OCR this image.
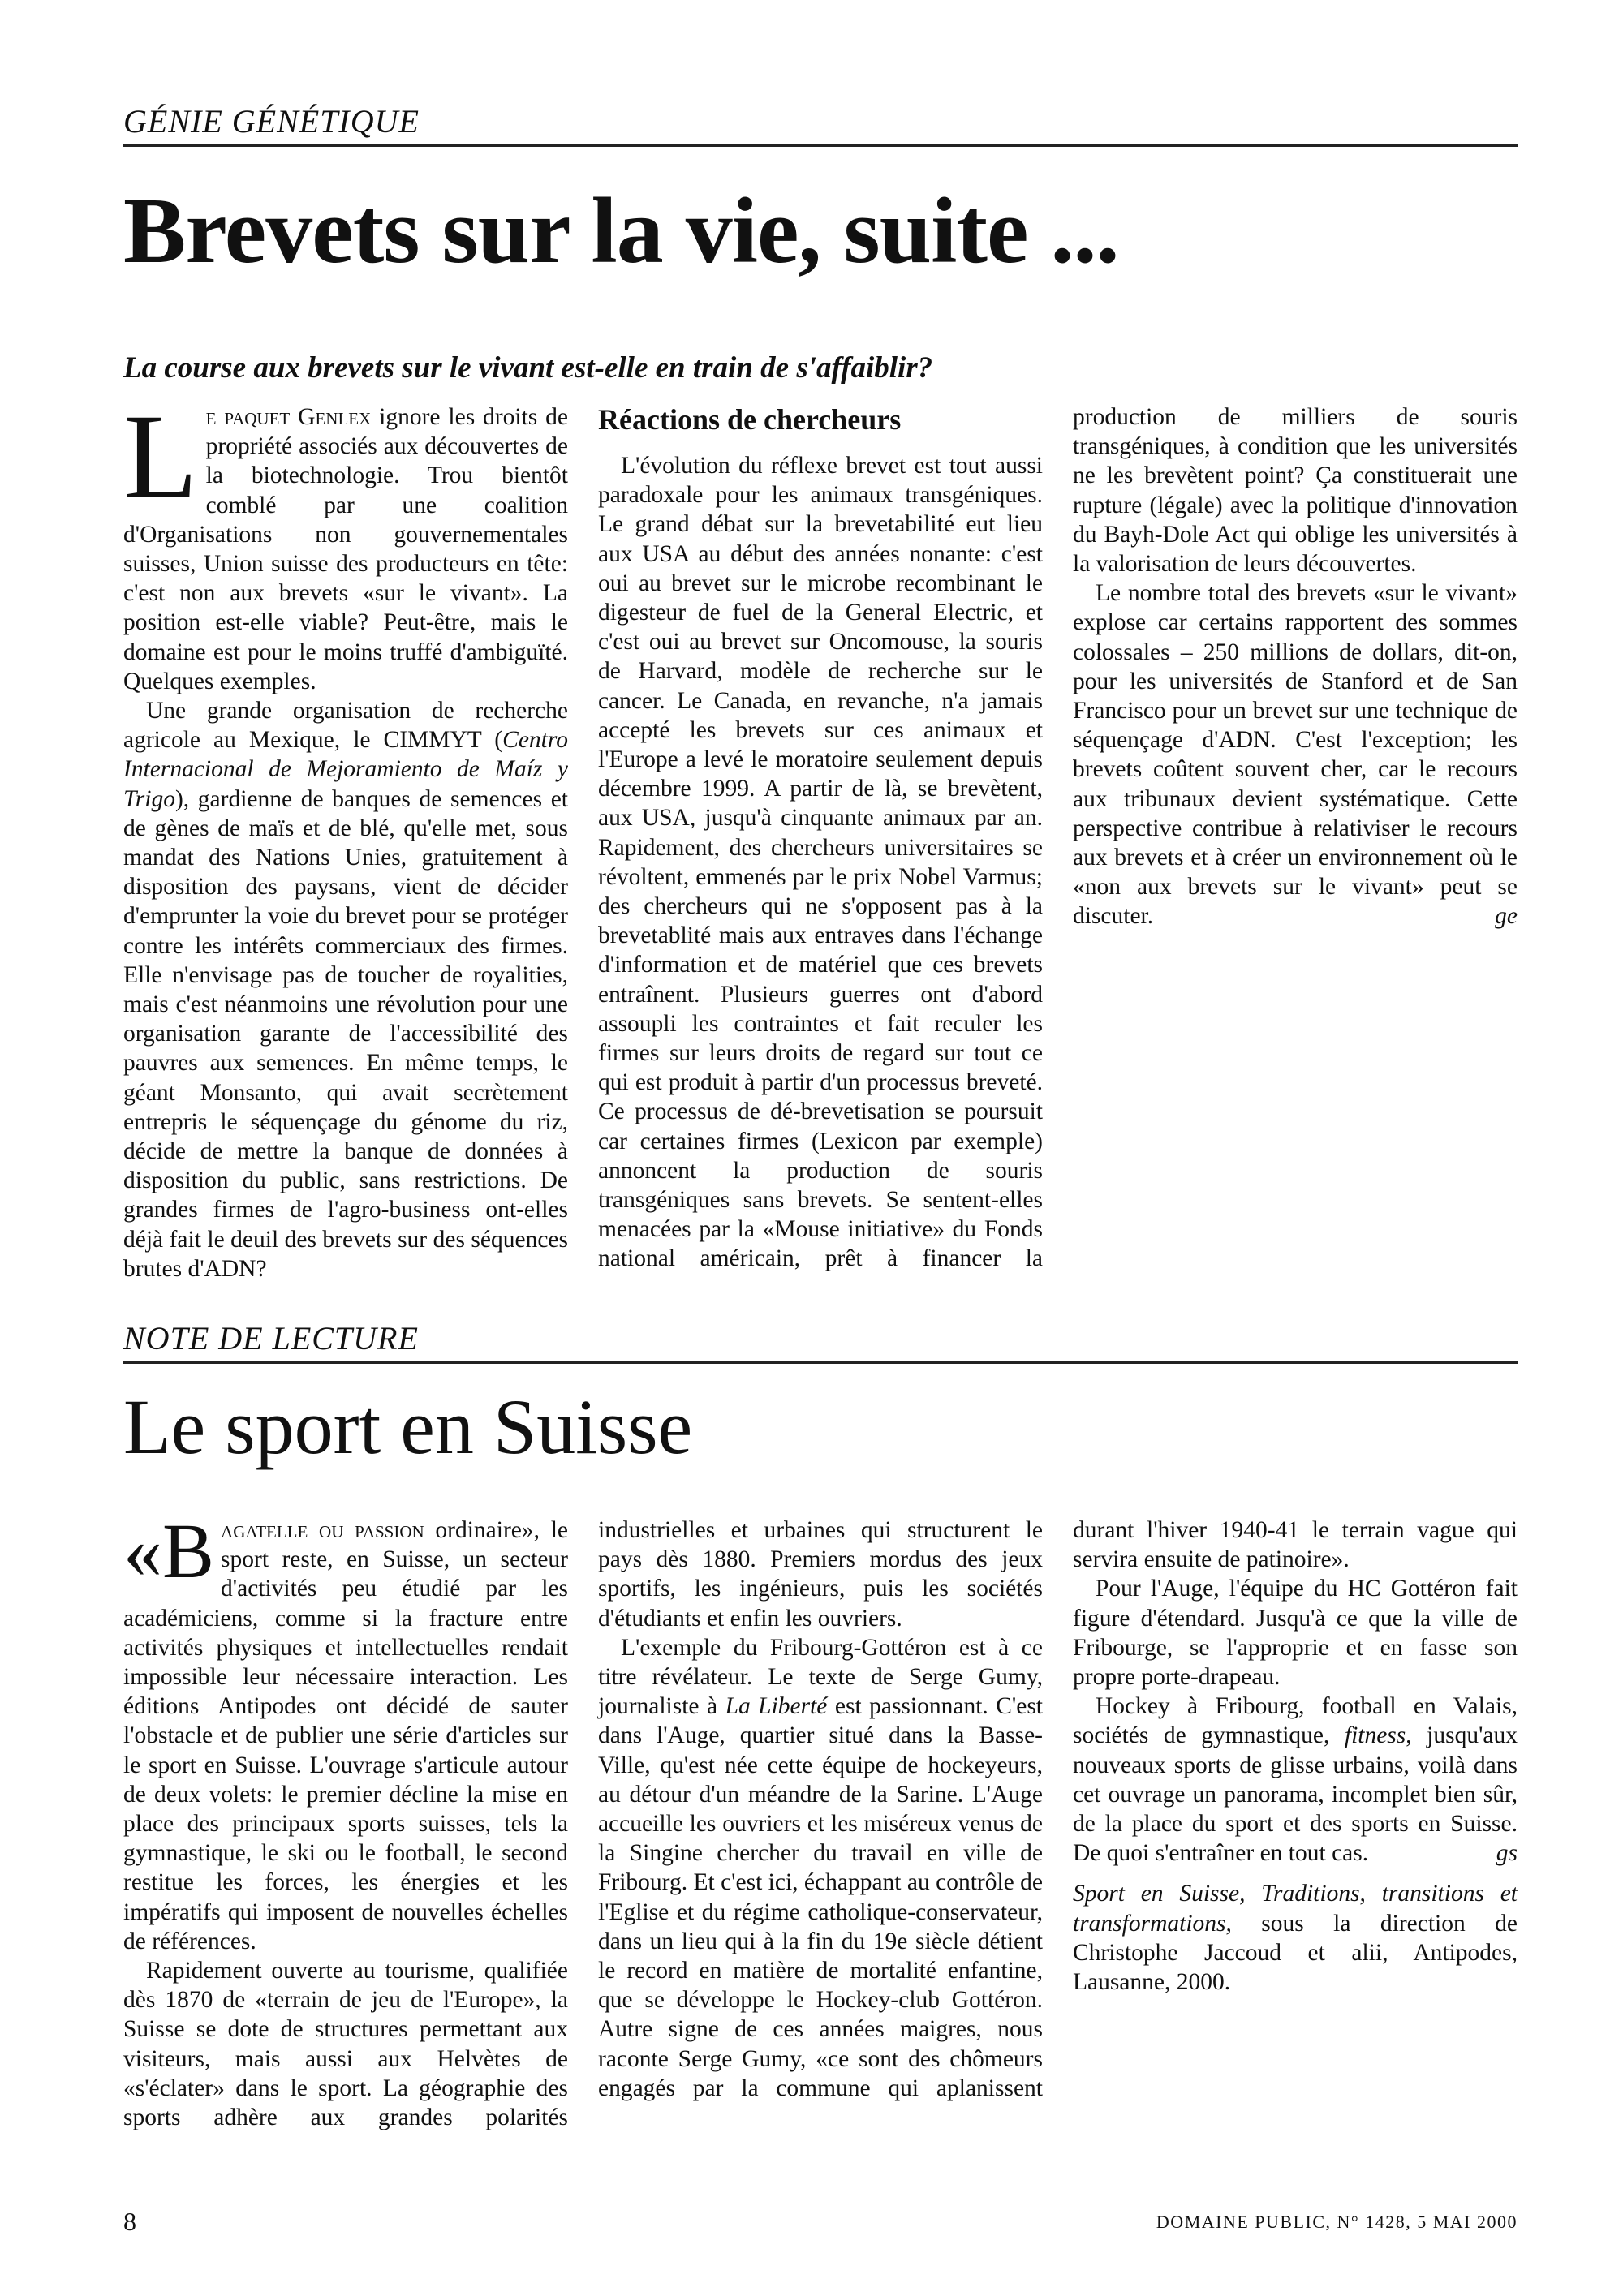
GÉNIE GÉNÉTIQUE
Brevets sur la vie, suite ...
La course aux brevets sur le vivant est-elle en train de s'affaiblir?

L e paquet Genlex ignore les droits de propriété associés aux découvertes de la biotechnologie. Trou bientôt comblé par une coalition d'Organisations non gouvernementales suisses, Union suisse des producteurs en tête: c'est non aux brevets «sur le vivant». La position est-elle viable? Peut-être, mais le domaine est pour le moins truffé d'ambiguïté. Quelques exemples.

Une grande organisation de recherche agricole au Mexique, le CIMMYT (Centro Internacional de Mejoramiento de Maíz y Trigo), gardienne de banques de semences et de gènes de maïs et de blé, qu'elle met, sous mandat des Nations Unies, gratuitement à disposition des paysans, vient de décider d'emprunter la voie du brevet pour se protéger contre les intérêts commerciaux des firmes. Elle n'envisage pas de toucher de royalities, mais c'est néanmoins une révolution pour une organisation garante de l'accessibilité des pauvres aux semences. En même temps, le géant Monsanto, qui avait secrètement entrepris le séquençage du génome du riz, décide de mettre la banque de données à disposition du public, sans restrictions. De grandes firmes de l'agro-business ont-elles déjà fait le deuil des brevets sur des séquences brutes d'ADN?

Réactions de chercheurs

L'évolution du réflexe brevet est tout aussi paradoxale pour les animaux transgéniques. Le grand débat sur la brevetabilité eut lieu aux USA au début des années nonante: c'est oui au brevet sur le microbe recombinant le digesteur de fuel de la General Electric, et c'est oui au brevet sur Oncomouse, la souris de Harvard, modèle de recherche sur le cancer. Le Canada, en revanche, n'a jamais accepté les brevets sur ces animaux et l'Europe a levé le moratoire seulement depuis décembre 1999. A partir de là, se brevètent, aux USA, jusqu'à cinquante animaux par an. Rapidement, des chercheurs universitaires se révoltent, emmenés par le prix Nobel Varmus; des chercheurs qui ne s'opposent pas à la brevetablité mais aux entraves dans l'échange d'information et de matériel que ces brevets entraînent. Plusieurs guerres ont d'abord assoupli les contraintes et fait reculer les firmes sur leurs droits de regard sur tout ce qui est produit à partir d'un processus breveté. Ce processus de dé-brevetisation se poursuit car certaines firmes (Lexicon par exemple) annoncent la production de souris transgéniques sans brevets. Se sentent-elles menacées par la «Mouse initiative» du Fonds national américain, prêt à financer la production de milliers de souris transgéniques, à condition que les universités ne les brevètent point? Ça constituerait une rupture (légale) avec la politique d'innovation du Bayh-Dole Act qui oblige les universités à la valorisation de leurs découvertes.

Le nombre total des brevets «sur le vivant» explose car certains rapportent des sommes colossales – 250 millions de dollars, dit-on, pour les universités de Stanford et de San Francisco pour un brevet sur une technique de séquençage d'ADN. C'est l'exception; les brevets coûtent souvent cher, car le recours aux tribunaux devient systématique. Cette perspective contribue à relativiser le recours aux brevets et à créer un environnement où le «non aux brevets sur le vivant» peut se discuter.	ge

NOTE DE LECTURE
Le sport en Suisse

«B agatelle ou passion ordinaire», le sport reste, en Suisse, un secteur d'activités peu étudié par les académiciens, comme si la fracture entre activités physiques et intellectuelles rendait impossible leur nécessaire interaction. Les éditions Antipodes ont décidé de sauter l'obstacle et de publier une série d'articles sur le sport en Suisse. L'ouvrage s'articule autour de deux volets: le premier décline la mise en place des principaux sports suisses, tels la gymnastique, le ski ou le football, le second restitue les forces, les énergies et les impératifs qui imposent de nouvelles échelles de références.

Rapidement ouverte au tourisme, qualifiée dès 1870 de «terrain de jeu de l'Europe», la Suisse se dote de structures permettant aux visiteurs, mais aussi aux Helvètes de «s'éclater» dans le sport. La géographie des sports adhère aux grandes polarités industrielles et urbaines qui structurent le pays dès 1880. Premiers mordus des jeux sportifs, les ingénieurs, puis les sociétés d'étudiants et enfin les ouvriers.

L'exemple du Fribourg-Gottéron est à ce titre révélateur. Le texte de Serge Gumy, journaliste à La Liberté est passionnant. C'est dans l'Auge, quartier situé dans la Basse-Ville, qu'est née cette équipe de hockeyeurs, au détour d'un méandre de la Sarine. L'Auge accueille les ouvriers et les miséreux venus de la Singine chercher du travail en ville de Fribourg. Et c'est ici, échappant au contrôle de l'Eglise et du régime catholique-conservateur, dans un lieu qui à la fin du 19e siècle détient le record en matière de mortalité enfantine, que se développe le Hockey-club Gottéron. Autre signe de ces années maigres, nous raconte Serge Gumy, «ce sont des chômeurs engagés par la commune qui aplanissent durant l'hiver 1940-41 le terrain vague qui servira ensuite de patinoire».

Pour l'Auge, l'équipe du HC Gottéron fait figure d'étendard. Jusqu'à ce que la ville de Fribourge, se l'approprie et en fasse son propre porte-drapeau.

Hockey à Fribourg, football en Valais, sociétés de gymnastique, fitness, jusqu'aux nouveaux sports de glisse urbains, voilà dans cet ouvrage un panorama, incomplet bien sûr, de la place du sport et des sports en Suisse. De quoi s'entraîner en tout cas.	gs

Sport en Suisse, Traditions, transitions et transformations, sous la direction de Christophe Jaccoud et alii, Antipodes, Lausanne, 2000.

8	DOMAINE PUBLIC, N° 1428, 5 MAI 2000
